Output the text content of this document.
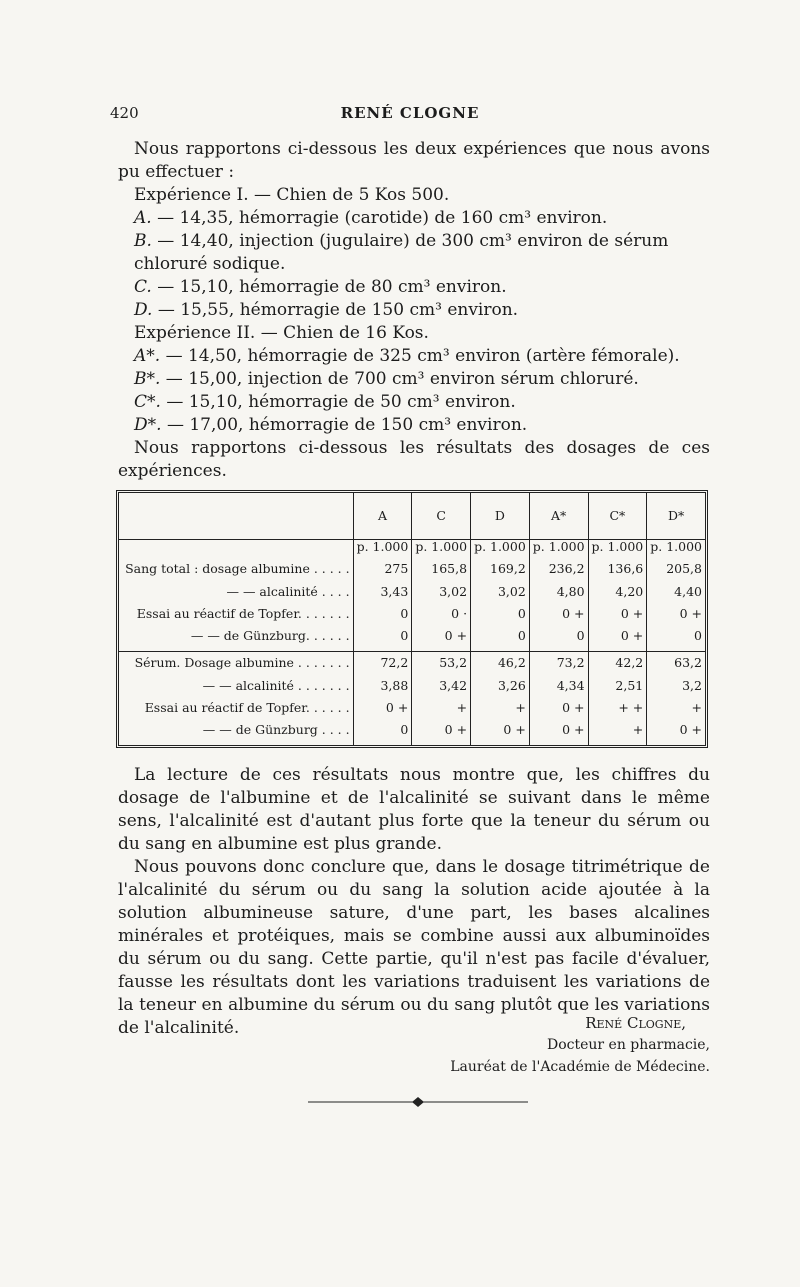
420	RENÉ CLOGNE

Nous rapportons ci-dessous les deux expériences que nous avons pu effectuer :

Expérience I. — Chien de 5 Kos 500.
A. — 14,35, hémorragie (carotide) de 160 cm³ environ.
B. — 14,40, injection (jugulaire) de 300 cm³ environ de sérum chloruré sodique.
C. — 15,10, hémorragie de 80 cm³ environ.
D. — 15,55, hémorragie de 150 cm³ environ.
Expérience II. — Chien de 16 Kos.
A*. — 14,50, hémorragie de 325 cm³ environ (artère fémorale).
B*. — 15,00, injection de 700 cm³ environ sérum chloruré.
C*. — 15,10, hémorragie de 50 cm³ environ.
D*. — 17,00, hémorragie de 150 cm³ environ.

Nous rapportons ci-dessous les résultats des dosages de ces expériences.

	A	C	D	A*	C*	D*
	p. 1.000	p. 1.000	p. 1.000	p. 1.000	p. 1.000	p. 1.000
Sang total : dosage albumine . . . . .	275	165,8	169,2	236,2	136,6	205,8
— — alcalinité . . . .	3,43	3,02	3,02	4,80	4,20	4,40
Essai au réactif de Topfer. . . . . . .	0	0 ·	0	0 +	0 +	0 +
— — de Günzburg. . . . . .	0	0 +	0	0	0 +	0

Sérum. Dosage albumine . . . . . . .	72,2	53,2	46,2	73,2	42,2	63,2
— — alcalinité . . . . . . .	3,88	3,42	3,26	4,34	2,51	3,2
Essai au réactif de Topfer. . . . . .	0 +	+	+	0 +	+ +	+
— — de Günzburg . . . .	0	0 +	0 +	0 +	+	0 +

La lecture de ces résultats nous montre que, les chiffres du dosage de l'albumine et de l'alcalinité se suivant dans le même sens, l'alcalinité est d'autant plus forte que la teneur du sérum ou du sang en albumine est plus grande.

Nous pouvons donc conclure que, dans le dosage titrimétrique de l'alcalinité du sérum ou du sang la solution acide ajoutée à la solution albumineuse sature, d'une part, les bases alcalines minérales et protéiques, mais se combine aussi aux albuminoïdes du sérum ou du sang. Cette partie, qu'il n'est pas facile d'évaluer, fausse les résultats dont les variations traduisent les variations de la teneur en albumine du sérum ou du sang plutôt que les variations de l'alcalinité.	René Clogne,
Docteur en pharmacie,
Lauréat de l'Académie de Médecine.
